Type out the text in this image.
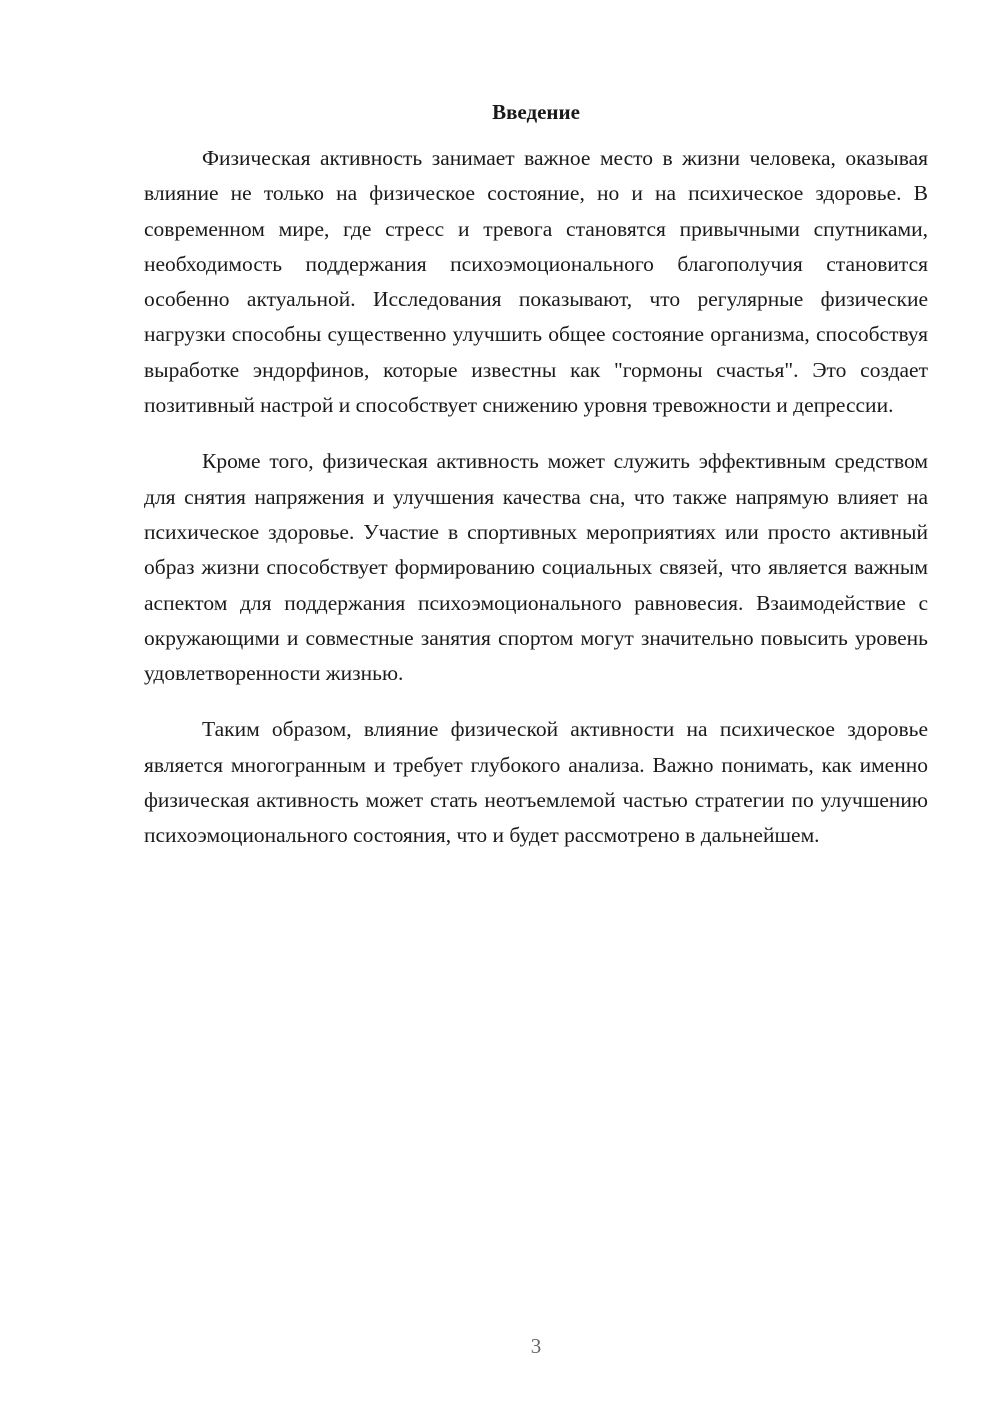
Введение

Физическая активность занимает важное место в жизни человека, оказывая влияние не только на физическое состояние, но и на психическое здоровье. В современном мире, где стресс и тревога становятся привычными спутниками, необходимость поддержания психоэмоционального благополучия становится особенно актуальной. Исследования показывают, что регулярные физические нагрузки способны существенно улучшить общее состояние организма, способствуя выработке эндорфинов, которые известны как "гормоны счастья". Это создает позитивный настрой и способствует снижению уровня тревожности и депрессии.

Кроме того, физическая активность может служить эффективным средством для снятия напряжения и улучшения качества сна, что также напрямую влияет на психическое здоровье. Участие в спортивных мероприятиях или просто активный образ жизни способствует формированию социальных связей, что является важным аспектом для поддержания психоэмоционального равновесия. Взаимодействие с окружающими и совместные занятия спортом могут значительно повысить уровень удовлетворенности жизнью.

Таким образом, влияние физической активности на психическое здоровье является многогранным и требует глубокого анализа. Важно понимать, как именно физическая активность может стать неотъемлемой частью стратегии по улучшению психоэмоционального состояния, что и будет рассмотрено в дальнейшем.

3
